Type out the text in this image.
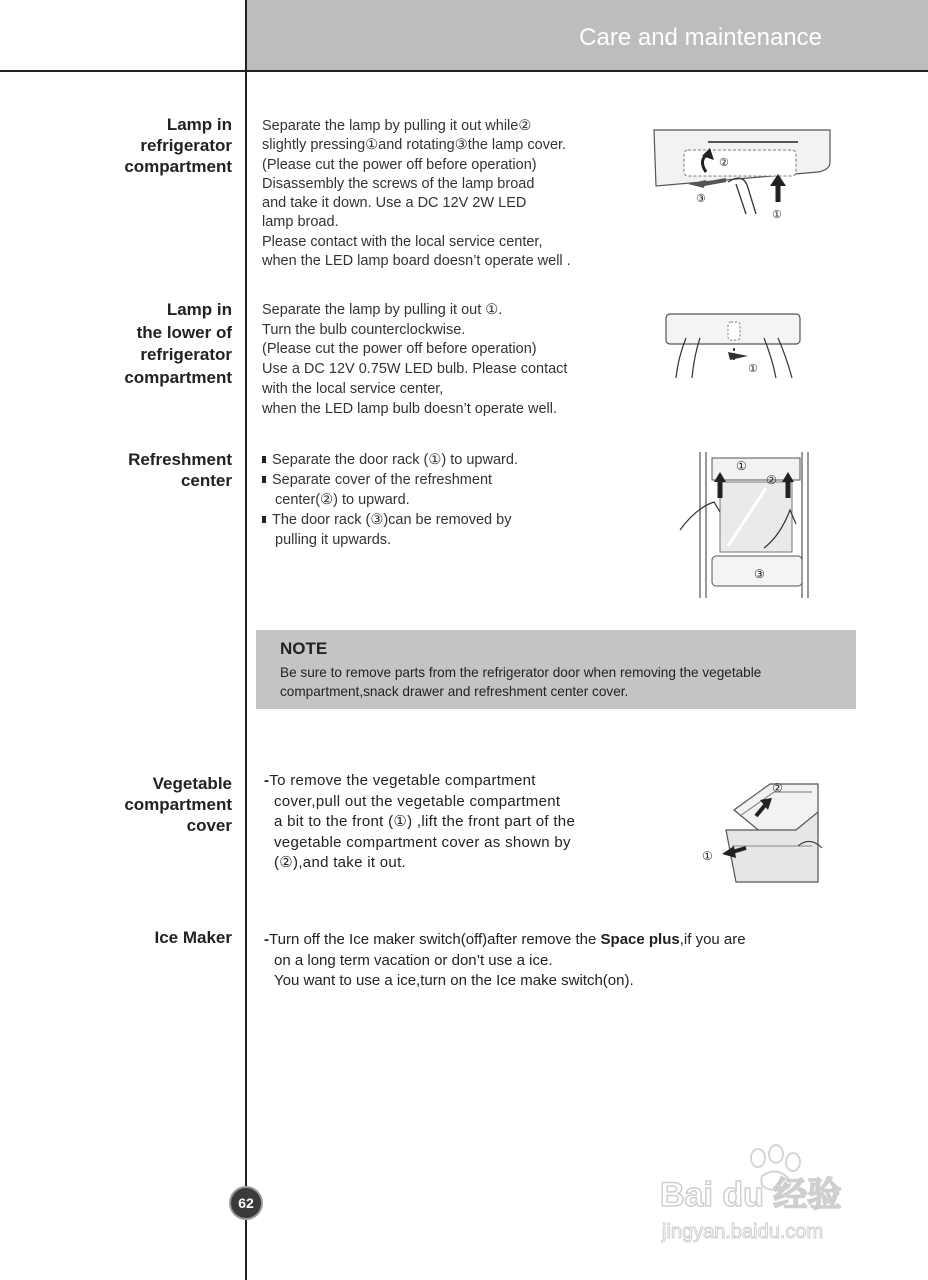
Care and maintenance
Lamp in
refrigerator
compartment
Separate the lamp by pulling it out while②
slightly pressing①and rotating③the lamp cover.
(Please cut the power off before operation)
Disassembly the screws of the lamp broad
and take it down. Use a DC 12V 2W LED
lamp broad.
Please contact with the local service center,
when the LED lamp board doesn’t operate well .
②
③
①
Lamp in
the lower of
refrigerator
compartment
Separate the lamp by pulling it out ①.
Turn the bulb counterclockwise.
(Please cut the power off before operation)
Use a DC 12V 0.75W LED bulb. Please contact
with the local service center,
when the LED lamp bulb doesn’t operate well.
①
Refreshment
center
Separate the door rack (①) to upward.
Separate cover of the refreshment
center(②) to upward.
The door rack (③)can be removed by
pulling it upwards.
①
②
③
NOTE
Be sure to remove parts from the refrigerator door when removing the vegetable
compartment,snack drawer and refreshment center cover.
Vegetable
compartment
cover
-To remove the vegetable compartment
cover,pull out the vegetable compartment
a bit to the front (①) ,lift the front part of the
vegetable compartment cover as shown by
(②),and take it out.
②
①
Ice Maker -Turn off the Ice maker switch(off)after remove the Space plus,if you are
on a long term vacation or don’t use a ice.
You want to use a ice,turn on the Ice make switch(on).
62	Bai du 经验
jingyan.baidu.com
